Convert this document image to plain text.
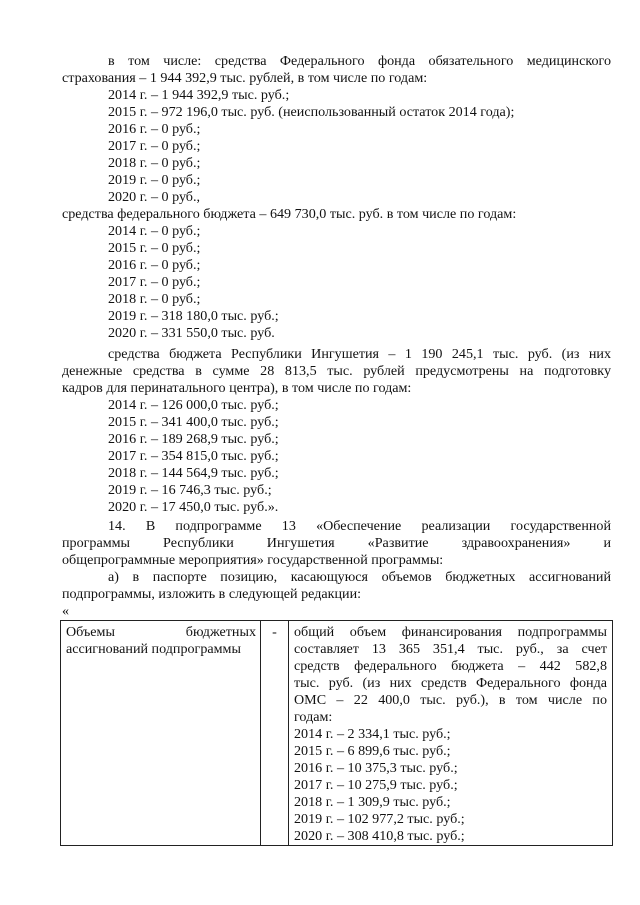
в том числе: средства Федерального фонда обязательного медицинского
страхования – 1 944 392,9 тыс. рублей, в том числе по годам:
2014 г. – 1 944 392,9 тыс. руб.;
2015 г. – 972 196,0 тыс. руб. (неиспользованный остаток 2014 года);
2016 г. – 0 руб.;
2017 г. – 0 руб.;
2018 г. – 0 руб.;
2019 г. – 0 руб.;
2020 г. – 0 руб.,
средства федерального бюджета – 649 730,0 тыс. руб. в том числе по годам:
2014 г. – 0 руб.;
2015 г. – 0 руб.;
2016 г. – 0 руб.;
2017 г. – 0 руб.;
2018 г. – 0 руб.;
2019 г. – 318 180,0 тыс. руб.;
2020 г. – 331 550,0 тыс. руб.
средства бюджета Республики Ингушетия – 1 190 245,1 тыс. руб. (из них
денежные средства в сумме 28 813,5 тыс. рублей предусмотрены на подготовку
кадров для перинатального центра), в том числе по годам:
2014 г. – 126 000,0 тыс. руб.;
2015 г. – 341 400,0 тыс. руб.;
2016 г. – 189 268,9 тыс. руб.;
2017 г. – 354 815,0 тыс. руб.;
2018 г. – 144 564,9 тыс. руб.;
2019 г. – 16 746,3 тыс. руб.;
2020 г. – 17 450,0 тыс. руб.».
14. В подпрограмме 13 «Обеспечение реализации государственной
программы Республики Ингушетия «Развитие здравоохранения» и
общепрограммные мероприятия» государственной программы:
а) в паспорте позицию, касающуюся объемов бюджетных ассигнований
подпрограммы, изложить в следующей редакции:
«
Объемы бюджетных
ассигнований подпрограммы

-	общий объем финансирования подпрограммы
составляет 13 365 351,4 тыс. руб., за счет
средств федерального бюджета – 442 582,8
тыс. руб. (из них средств Федерального фонда
ОМС – 22 400,0 тыс. руб.), в том числе по
годам:
2014 г. – 2 334,1 тыс. руб.;
2015 г. – 6 899,6 тыс. руб.;
2016 г. – 10 375,3 тыс. руб.;
2017 г. – 10 275,9 тыс. руб.;
2018 г. – 1 309,9 тыс. руб.;
2019 г. – 102 977,2 тыс. руб.;
2020 г. – 308 410,8 тыс. руб.;
